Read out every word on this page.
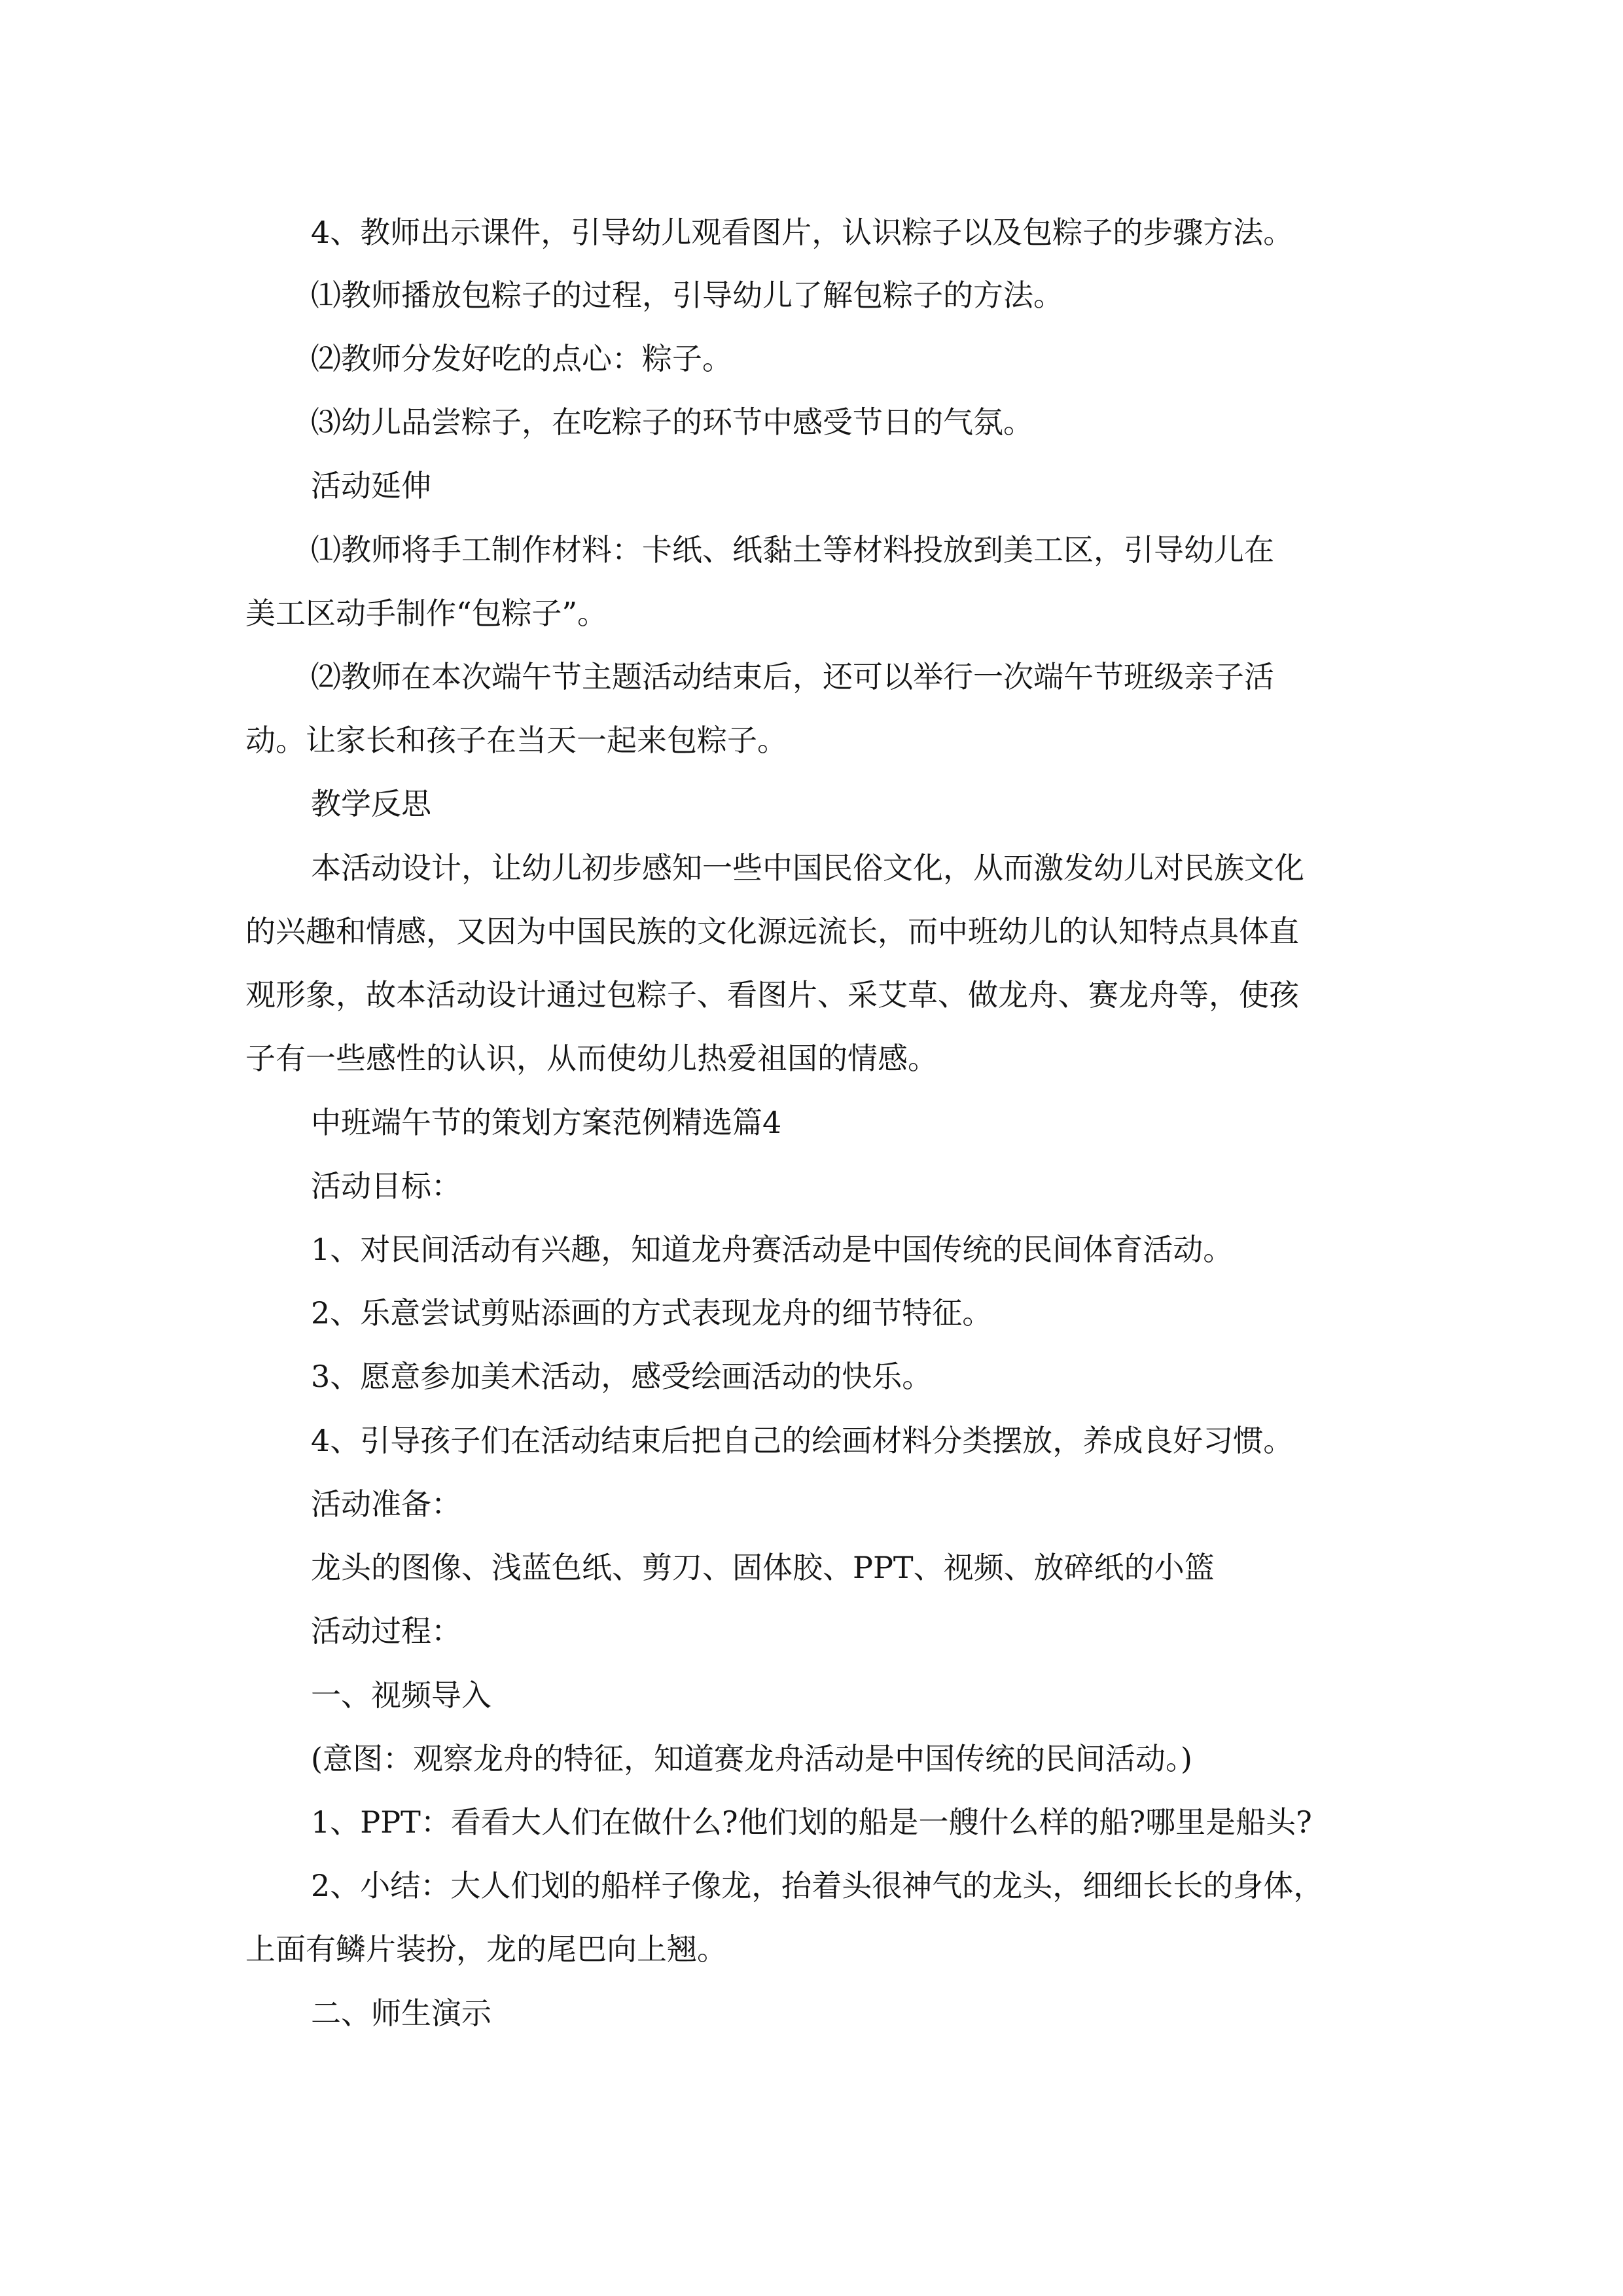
4、教师出示课件，引导幼儿观看图片，认识粽子以及包粽子的步骤方法。

⑴教师播放包粽子的过程，引导幼儿了解包粽子的方法。

⑵教师分发好吃的点心：粽子。

⑶幼儿品尝粽子，在吃粽子的环节中感受节日的气氛。

活动延伸

⑴教师将手工制作材料：卡纸、纸黏土等材料投放到美工区，引导幼儿在

美工区动手制作“包粽子”。

⑵教师在本次端午节主题活动结束后，还可以举行一次端午节班级亲子活

动。让家长和孩子在当天一起来包粽子。

教学反思

本活动设计，让幼儿初步感知一些中国民俗文化，从而激发幼儿对民族文化

的兴趣和情感，又因为中国民族的文化源远流长，而中班幼儿的认知特点具体直

观形象，故本活动设计通过包粽子、看图片、采艾草、做龙舟、赛龙舟等，使孩

子有一些感性的认识，从而使幼儿热爱祖国的情感。

中班端午节的策划方案范例精选篇4

活动目标：

1、对民间活动有兴趣，知道龙舟赛活动是中国传统的民间体育活动。

2、乐意尝试剪贴添画的方式表现龙舟的细节特征。

3、愿意参加美术活动，感受绘画活动的快乐。

4、引导孩子们在活动结束后把自己的绘画材料分类摆放，养成良好习惯。

活动准备：

龙头的图像、浅蓝色纸、剪刀、固体胶、PPT、视频、放碎纸的小篮

活动过程：

一、视频导入

(意图：观察龙舟的特征，知道赛龙舟活动是中国传统的民间活动。)

1、PPT：看看大人们在做什么?他们划的船是一艘什么样的船?哪里是船头?

2、小结：大人们划的船样子像龙，抬着头很神气的龙头，细细长长的身体，

上面有鳞片装扮，龙的尾巴向上翘。

二、师生演示
